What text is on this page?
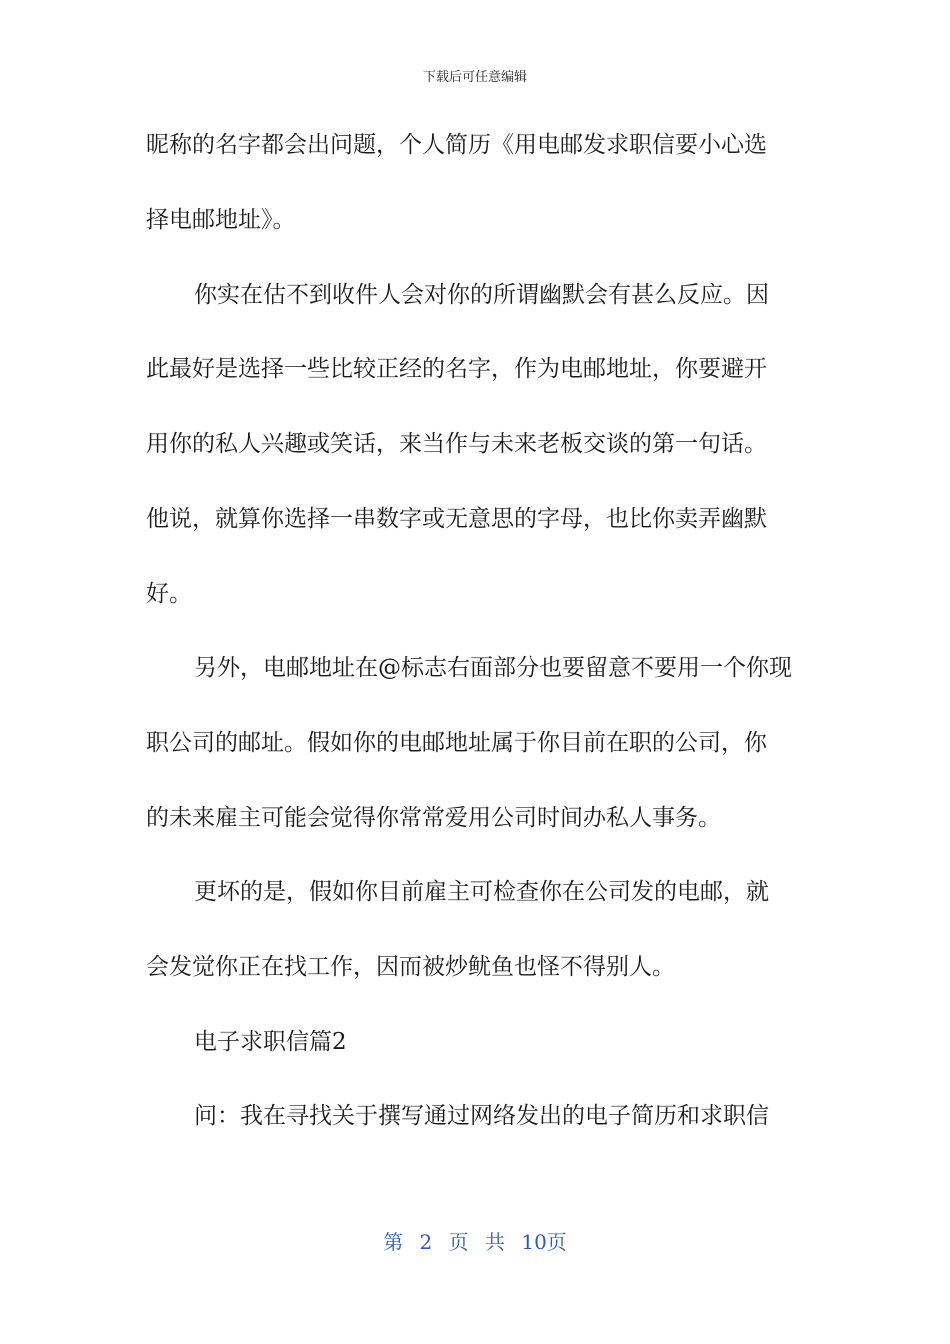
下载后可任意编辑
昵称的名字都会出问题，个人简历《用电邮发求职信要小心选
择电邮地址》。
你实在估不到收件人会对你的所谓幽默会有甚么反应。因
此最好是选择一些比较正经的名字，作为电邮地址，你要避开
用你的私人兴趣或笑话，来当作与未来老板交谈的第一句话。
他说，就算你选择一串数字或无意思的字母，也比你卖弄幽默
好。
另外，电邮地址在@标志右面部分也要留意不要用一个你现
职公司的邮址。假如你的电邮地址属于你目前在职的公司，你
的未来雇主可能会觉得你常常爱用公司时间办私人事务。
更坏的是，假如你目前雇主可检查你在公司发的电邮，就
会发觉你正在找工作，因而被炒鱿鱼也怪不得别人。
电子求职信篇2
问：我在寻找关于撰写通过网络发出的电子简历和求职信
第 2 页 共 10页
